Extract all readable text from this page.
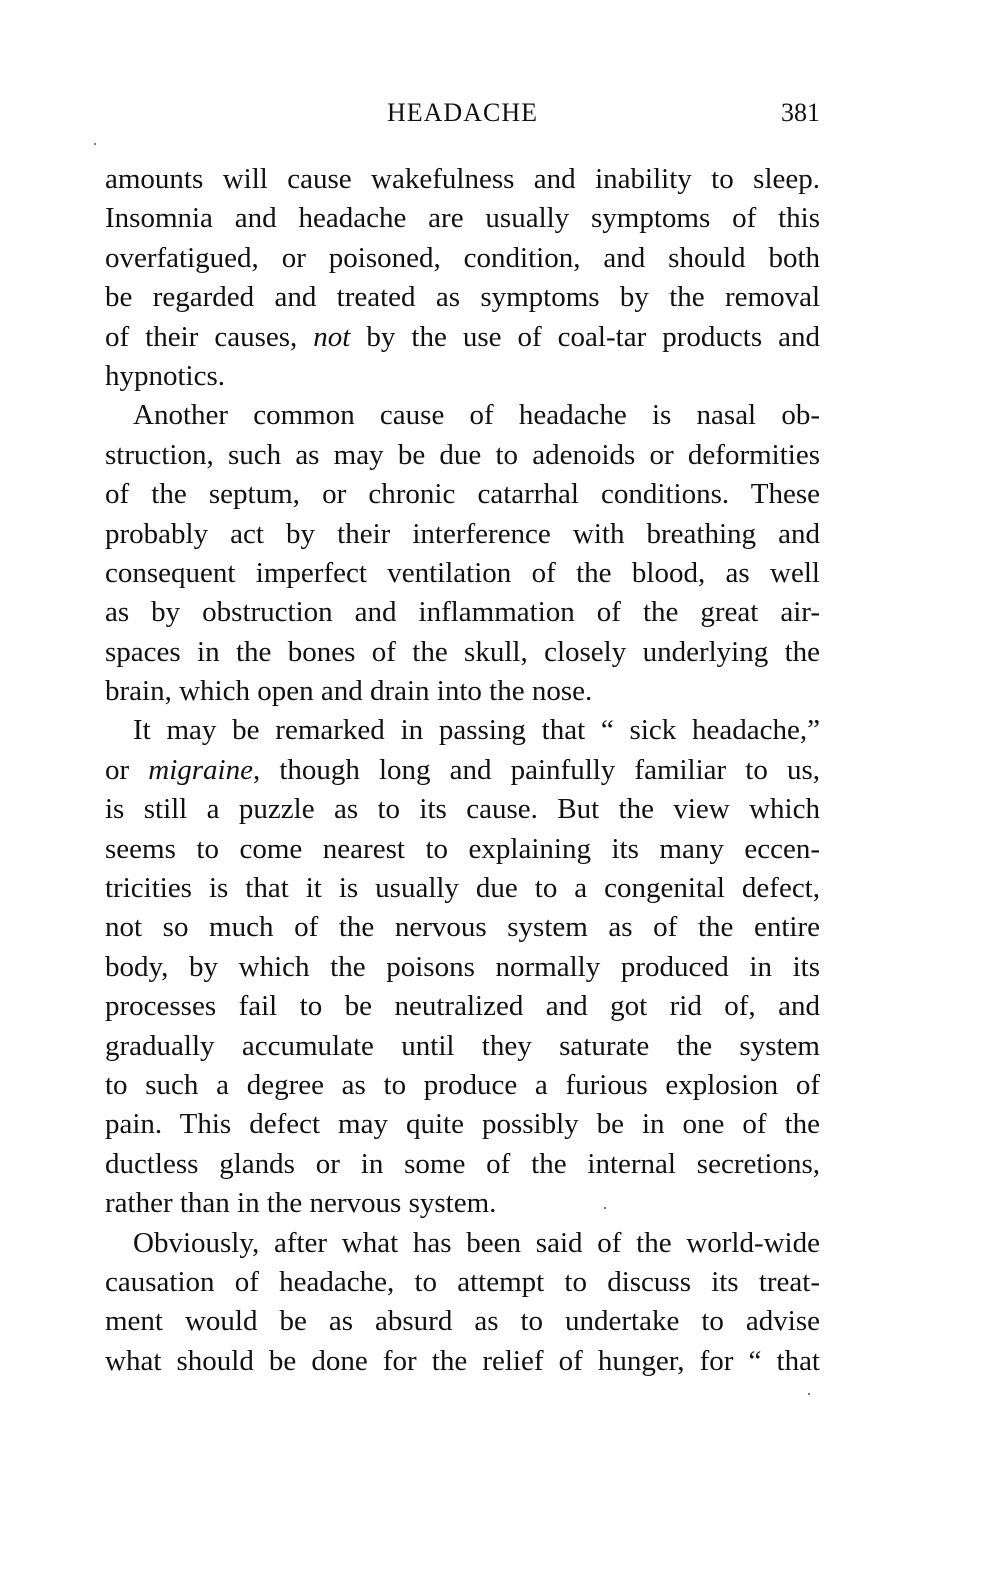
HEADACHE	381
amounts will cause wakefulness and inability to sleep.
Insomnia and headache are usually symptoms of this
overfatigued, or poisoned, condition, and should both
be regarded and treated as symptoms by the removal
of their causes, not by the use of coal-tar products and
hypnotics.
Another common cause of headache is nasal ob-
struction, such as may be due to adenoids or deformities
of the septum, or chronic catarrhal conditions. These
probably act by their interference with breathing and
consequent imperfect ventilation of the blood, as well
as by obstruction and inflammation of the great air-
spaces in the bones of the skull, closely underlying the
brain, which open and drain into the nose.
It may be remarked in passing that “ sick headache,”
or migraine, though long and painfully familiar to us,
is still a puzzle as to its cause. But the view which
seems to come nearest to explaining its many eccen-
tricities is that it is usually due to a congenital defect,
not so much of the nervous system as of the entire
body, by which the poisons normally produced in its
processes fail to be neutralized and got rid of, and
gradually accumulate until they saturate the system
to such a degree as to produce a furious explosion of
pain. This defect may quite possibly be in one of the
ductless glands or in some of the internal secretions,
rather than in the nervous system.
Obviously, after what has been said of the world-wide
causation of headache, to attempt to discuss its treat-
ment would be as absurd as to undertake to advise
what should be done for the relief of hunger, for “ that
